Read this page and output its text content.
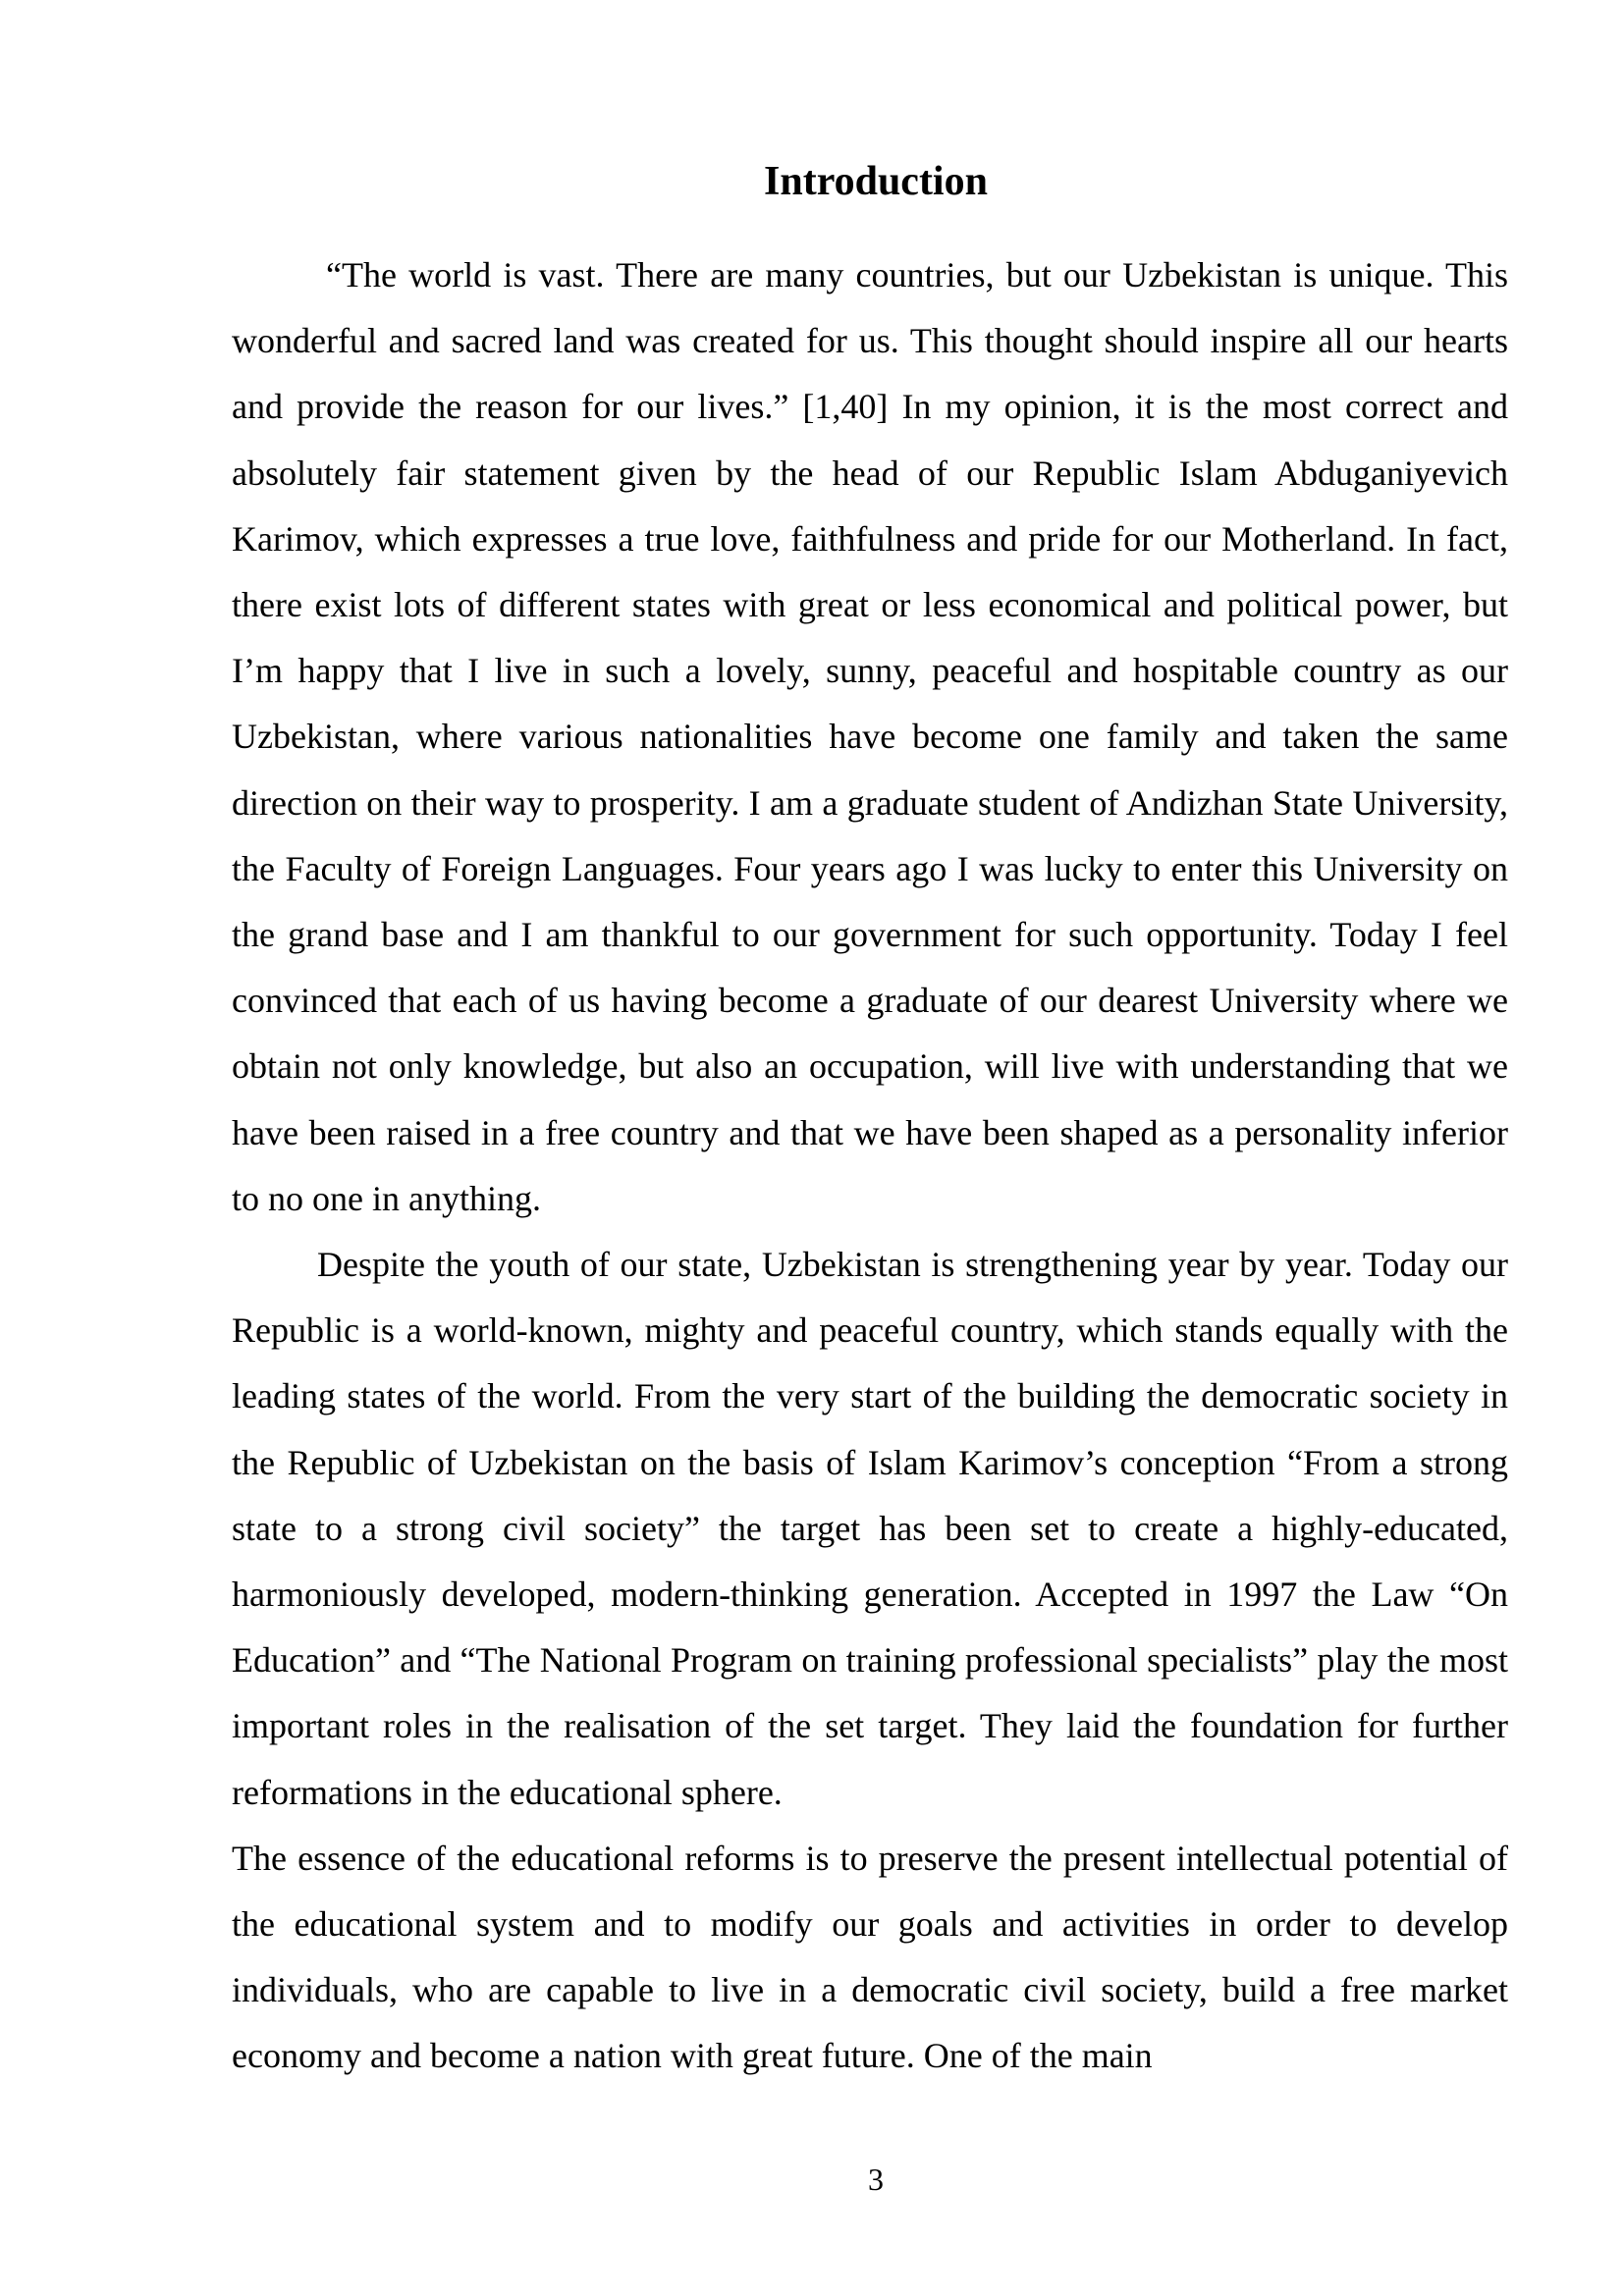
Introduction

“The world is vast. There are many countries, but our Uzbekistan is unique. This wonderful and sacred land was created for us. This thought should inspire all our hearts and provide the reason for our lives.” [1,40] In my opinion, it is the most correct and absolutely fair statement given by the head of our Republic Islam Abduganiyevich Karimov, which expresses a true love, faithfulness and pride for our Motherland. In fact, there exist lots of different states with great or less economical and political power, but I’m happy that I live in such a lovely, sunny, peaceful and hospitable country as our Uzbekistan, where various nationalities have become one family and taken the same direction on their way to prosperity. I am a graduate student of Andizhan State University, the Faculty of Foreign Languages. Four years ago I was lucky to enter this University on the grand base and I am thankful to our government for such opportunity. Today I feel convinced that each of us having become a graduate of our dearest University where we obtain not only knowledge, but also an occupation, will live with understanding that we have been raised in a free country and that we have been shaped as a personality inferior to no one in anything.

Despite the youth of our state, Uzbekistan is strengthening year by year. Today our Republic is a world-known, mighty and peaceful country, which stands equally with the leading states of the world. From the very start of the building the democratic society in the Republic of Uzbekistan on the basis of Islam Karimov’s conception “From a strong state to a strong civil society” the target has been set to create a highly-educated, harmoniously developed, modern-thinking generation. Accepted in 1997 the Law “On Education” and “The National Program on training professional specialists” play the most important roles in the realisation of the set target. They laid the foundation for further reformations in the educational sphere.

The essence of the educational reforms is to preserve the present intellectual potential of the educational system and to modify our goals and activities in order to develop individuals, who are capable to live in a democratic civil society, build a free market economy and become a nation with great future. One of the main

3
